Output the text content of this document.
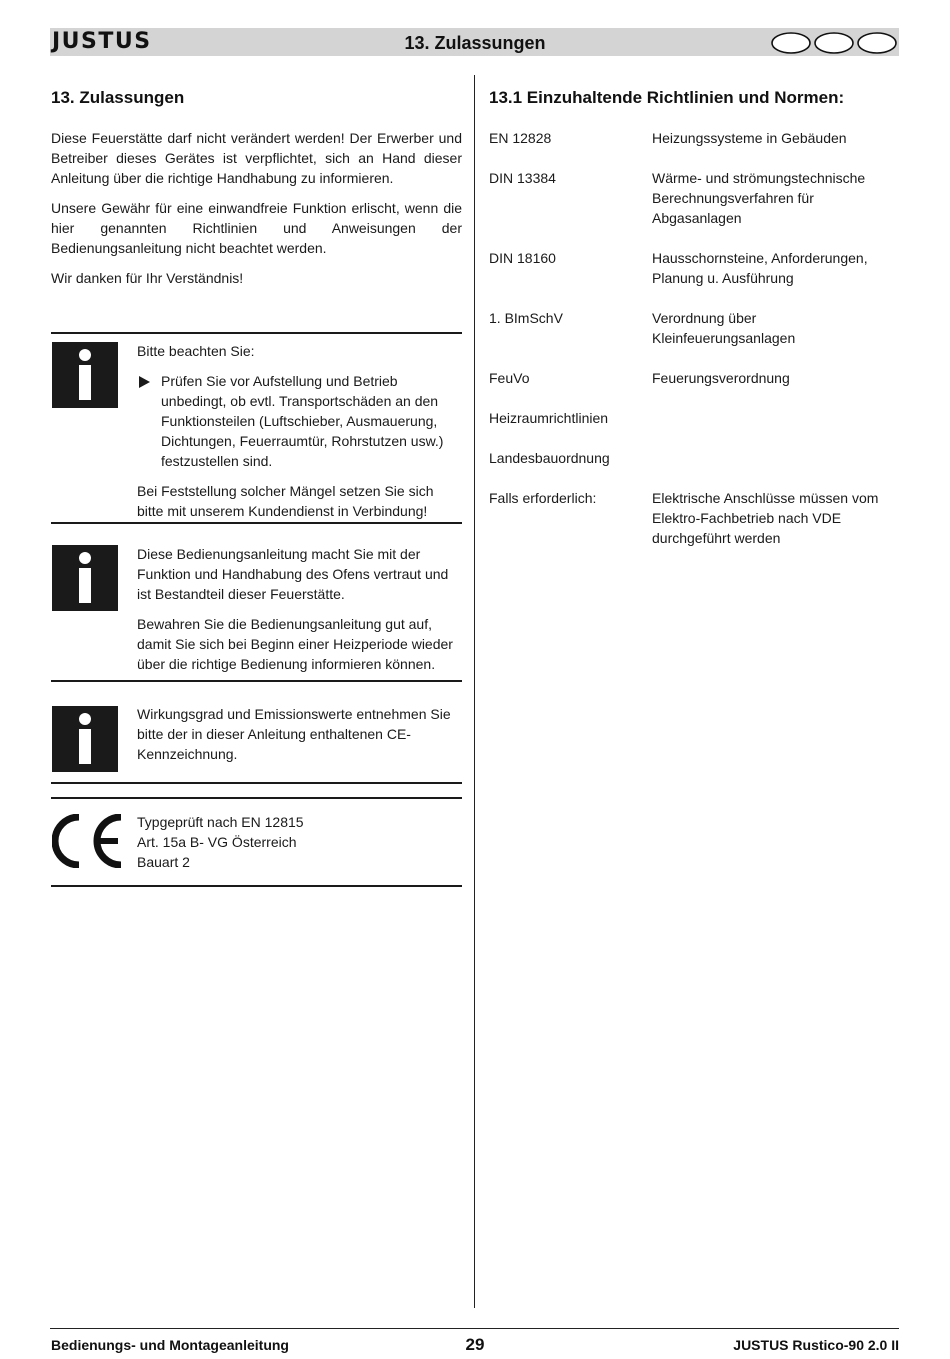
JUSTUS	13. Zulassungen
13. Zulassungen
Diese Feuerstätte darf nicht verändert werden! Der Erwerber und Betreiber dieses Gerätes ist verpflichtet, sich an Hand dieser Anleitung über die richtige Handhabung zu informieren.
Unsere Gewähr für eine einwandfreie Funktion erlischt, wenn die hier genannten Richtlinien und Anweisungen der Bedienungsanleitung nicht beachtet werden.
Wir danken für Ihr Verständnis!
Bitte beachten Sie:
Prüfen Sie vor Aufstellung und Betrieb unbedingt, ob evtl. Transportschäden an den Funktionsteilen (Luftschieber, Ausmauerung, Dichtungen, Feuerraumtür, Rohrstutzen usw.) festzustellen sind.
Bei Feststellung solcher Mängel setzen Sie sich bitte mit unserem Kundendienst in Verbindung!
Diese Bedienungsanleitung macht Sie mit der Funktion und Handhabung des Ofens vertraut und ist Bestandteil dieser Feuerstätte.
Bewahren Sie die Bedienungsanleitung gut auf, damit Sie sich bei Beginn einer Heizperiode wieder über die richtige Bedienung informieren können.
Wirkungsgrad und Emissionswerte entnehmen Sie bitte der in dieser Anleitung enthaltenen CE-Kennzeichnung.
Typgeprüft nach EN 12815
Art. 15a B- VG Österreich
Bauart 2
13.1 Einzuhaltende Richtlinien und Normen:
EN 12828	Heizungssysteme in Gebäuden
DIN 13384	Wärme- und strömungstechnische Berechnungsverfahren für Abgasanlagen
DIN 18160	Hausschornsteine, Anforderungen, Planung u. Ausführung
1. BImSchV	Verordnung über Kleinfeuerungsanlagen
FeuVo	Feuerungsverordnung
Heizraumrichtlinien
Landesbauordnung
Falls erforderlich:	Elektrische Anschlüsse müssen vom Elektro-Fachbetrieb nach VDE durchgeführt werden
Bedienungs- und Montageanleitung	29	JUSTUS Rustico-90 2.0 II
